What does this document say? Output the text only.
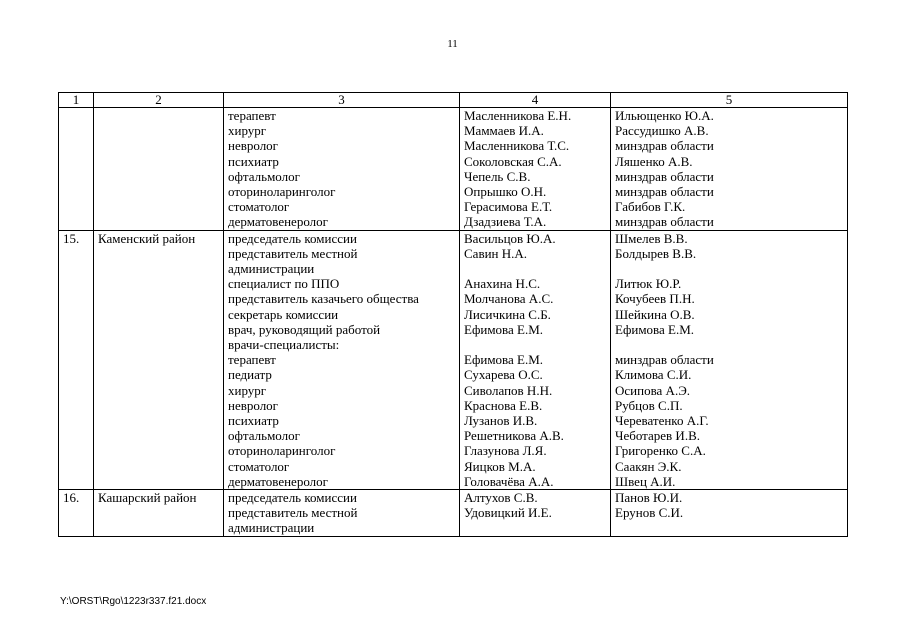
11
1	2	3	4	5
		терапевт	Масленникова Е.Н.	Ильющенко Ю.А.
		хирург	Маммаев И.А.	Рассудишко А.В.
		невролог	Масленникова Т.С.	минздрав области
		психиатр	Соколовская С.А.	Ляшенко А.В.
		офтальмолог	Чепель С.В.	минздрав области
		оториноларинголог	Опрышко О.Н.	минздрав области
		стоматолог	Герасимова Е.Т.	Габибов Г.К.
		дерматовенеролог	Дзадзиева Т.А.	минздрав области
15.	Каменский район	председатель комиссии	Васильцов Ю.А.	Шмелев В.В.
		представитель местной	Савин Н.А.	Болдырев В.В.
		администрации		
		специалист по ППО	Анахина Н.С.	Литюк Ю.Р.
		представитель казачьего общества	Молчанова А.С.	Кочубеев П.Н.
		секретарь комиссии	Лисичкина С.Б.	Шейкина О.В.
		врач, руководящий работой	Ефимова Е.М.	Ефимова Е.М.
		врачи-специалисты:		
		терапевт	Ефимова Е.М.	минздрав области
		педиатр	Сухарева О.С.	Климова С.И.
		хирург	Сиволапов Н.Н.	Осипова А.Э.
		невролог	Краснова Е.В.	Рубцов С.П.
		психиатр	Лузанов И.В.	Череватенко А.Г.
		офтальмолог	Решетникова А.В.	Чеботарев И.В.
		оториноларинголог	Глазунова Л.Я.	Григоренко С.А.
		стоматолог	Яицков М.А.	Саакян Э.К.
		дерматовенеролог	Головачёва А.А.	Швец А.И.
16.	Кашарский район	председатель комиссии	Алтухов С.В.	Панов Ю.И.
		представитель местной	Удовицкий И.Е.	Ерунов С.И.
		администрации		
Y:\ORST\Rgo\1223r337.f21.docx
